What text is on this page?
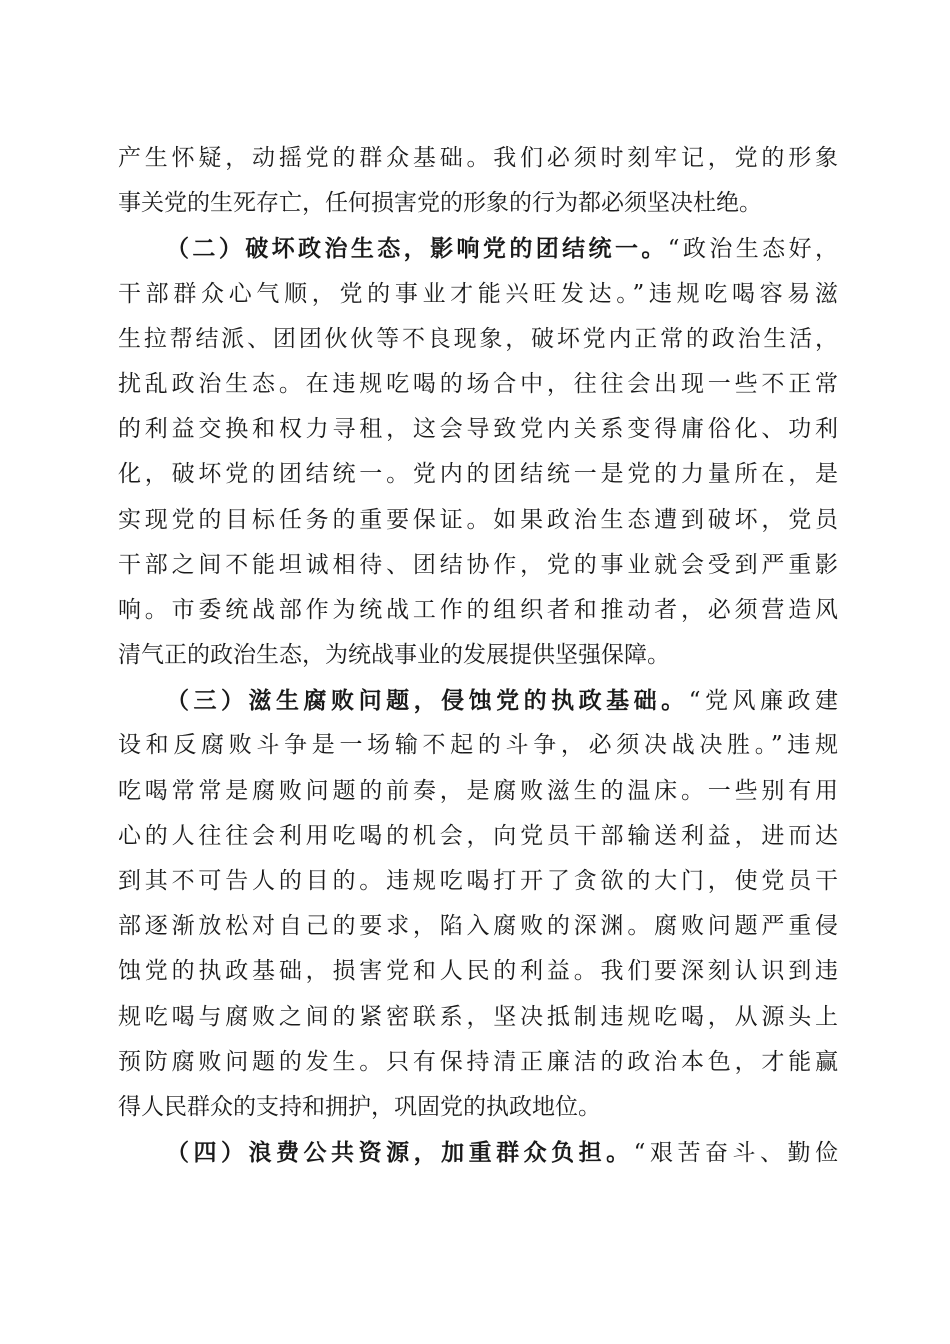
产生怀疑，动摇党的群众基础。我们必须时刻牢记，党的形象
事关党的生死存亡，任何损害党的形象的行为都必须坚决杜绝。
（二）破坏政治生态，影响党的团结统一。“政治生态好，
干部群众心气顺，党的事业才能兴旺发达。”违规吃喝容易滋
生拉帮结派、团团伙伙等不良现象，破坏党内正常的政治生活，
扰乱政治生态。在违规吃喝的场合中，往往会出现一些不正常
的利益交换和权力寻租，这会导致党内关系变得庸俗化、功利
化，破坏党的团结统一。党内的团结统一是党的力量所在，是
实现党的目标任务的重要保证。如果政治生态遭到破坏，党员
干部之间不能坦诚相待、团结协作，党的事业就会受到严重影
响。市委统战部作为统战工作的组织者和推动者，必须营造风
清气正的政治生态，为统战事业的发展提供坚强保障。
（三）滋生腐败问题，侵蚀党的执政基础。“党风廉政建
设和反腐败斗争是一场输不起的斗争，必须决战决胜。”违规
吃喝常常是腐败问题的前奏，是腐败滋生的温床。一些别有用
心的人往往会利用吃喝的机会，向党员干部输送利益，进而达
到其不可告人的目的。违规吃喝打开了贪欲的大门，使党员干
部逐渐放松对自己的要求，陷入腐败的深渊。腐败问题严重侵
蚀党的执政基础，损害党和人民的利益。我们要深刻认识到违
规吃喝与腐败之间的紧密联系，坚决抵制违规吃喝，从源头上
预防腐败问题的发生。只有保持清正廉洁的政治本色，才能赢
得人民群众的支持和拥护，巩固党的执政地位。
（四）浪费公共资源，加重群众负担。“艰苦奋斗、勤俭
